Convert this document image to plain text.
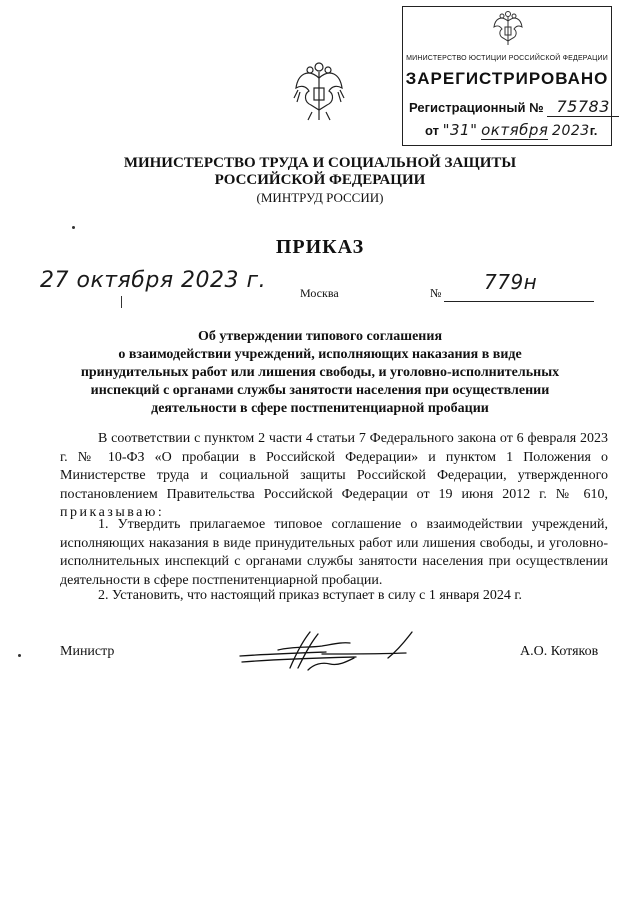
МИНИСТЕРСТВО ЮСТИЦИИ РОССИЙСКОЙ ФЕДЕРАЦИИ
ЗАРЕГИСТРИРОВАНО
Регистрационный № 75783
от "31" октября 2023г.
МИНИСТЕРСТВО ТРУДА И СОЦИАЛЬНОЙ ЗАЩИТЫ
РОССИЙСКОЙ ФЕДЕРАЦИИ
(МИНТРУД РОССИИ)
ПРИКАЗ
27 октября 2023 г.	Москва	№ 779н
Об утверждении типового соглашения
о взаимодействии учреждений, исполняющих наказания в виде
принудительных работ или лишения свободы, и уголовно-исполнительных
инспекций с органами службы занятости населения при осуществлении
деятельности в сфере постпенитенциарной пробации
В соответствии с пунктом 2 части 4 статьи 7 Федерального закона от 6 февраля 2023 г. № 10-ФЗ «О пробации в Российской Федерации» и пунктом 1 Положения о Министерстве труда и социальной защиты Российской Федерации, утвержденного постановлением Правительства Российской Федерации от 19 июня 2012 г. № 610, приказываю:
1. Утвердить прилагаемое типовое соглашение о взаимодействии учреждений, исполняющих наказания в виде принудительных работ или лишения свободы, и уголовно-исполнительных инспекций с органами службы занятости населения при осуществлении деятельности в сфере постпенитенциарной пробации.
2. Установить, что настоящий приказ вступает в силу с 1 января 2024 г.
Министр	А.О. Котяков
